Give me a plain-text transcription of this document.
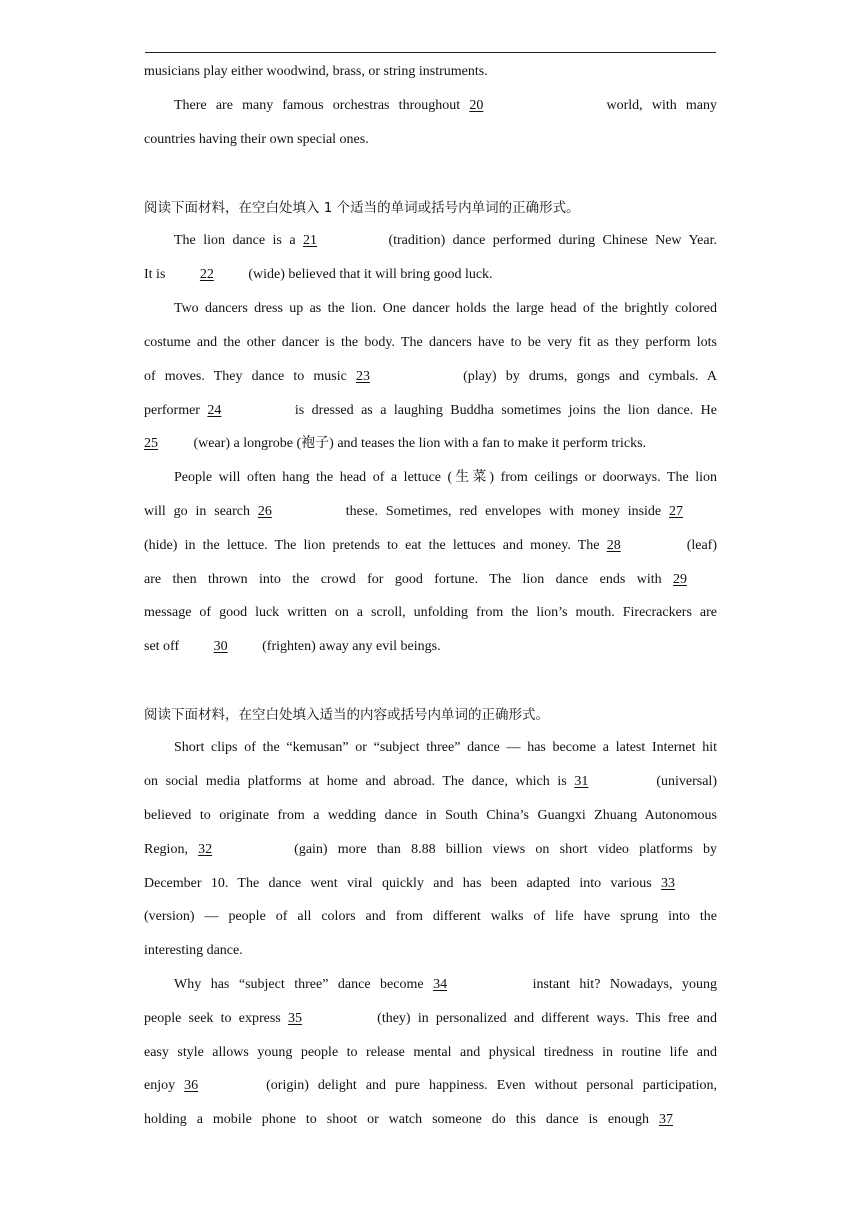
musicians play either woodwind, brass, or string instruments.
There are many famous orchestras throughout 20	world, with many
countries having their own special ones.
阅读下面材料，在空白处填入 1 个适当的单词或括号内单词的正确形式。
The lion dance is a 21	(tradition) dance performed during Chinese New Year.
It is 22 (wide) believed that it will bring good luck.
Two dancers dress up as the lion. One dancer holds the large head of the brightly colored
costume and the other dancer is the body. The dancers have to be very fit as they perform lots
of moves. They dance to music 23	(play) by drums, gongs and cymbals. A
performer 24	is dressed as a laughing Buddha sometimes joins the lion dance. He
25 (wear) a longrobe (袍子) and teases the lion with a fan to make it perform tricks.
People will often hang the head of a lettuce (生菜) from ceilings or doorways. The lion
will go in search 26	these. Sometimes, red envelopes with money inside 27
(hide) in the lettuce. The lion pretends to eat the lettuces and money. The 28	(leaf)
are then thrown into the crowd for good fortune. The lion dance ends with 29
message of good luck written on a scroll, unfolding from the lion’s mouth. Firecrackers are
set off 30 (frighten) away any evil beings.
阅读下面材料，在空白处填入适当的内容或括号内单词的正确形式。
Short clips of the “kemusan” or “subject three” dance — has become a latest Internet hit
on social media platforms at home and abroad. The dance, which is 31	(universal)
believed to originate from a wedding dance in South China’s Guangxi Zhuang Autonomous
Region, 32	(gain) more than 8.88 billion views on short video platforms by
December 10. The dance went viral quickly and has been adapted into various 33
(version) — people of all colors and from different walks of life have sprung into the
interesting dance.
Why has “subject three” dance become 34	instant hit? Nowadays, young
people seek to express 35	(they) in personalized and different ways. This free and
easy style allows young people to release mental and physical tiredness in routine life and
enjoy 36	(origin) delight and pure happiness. Even without personal participation,
holding a mobile phone to shoot or watch someone do this dance is enough 37
